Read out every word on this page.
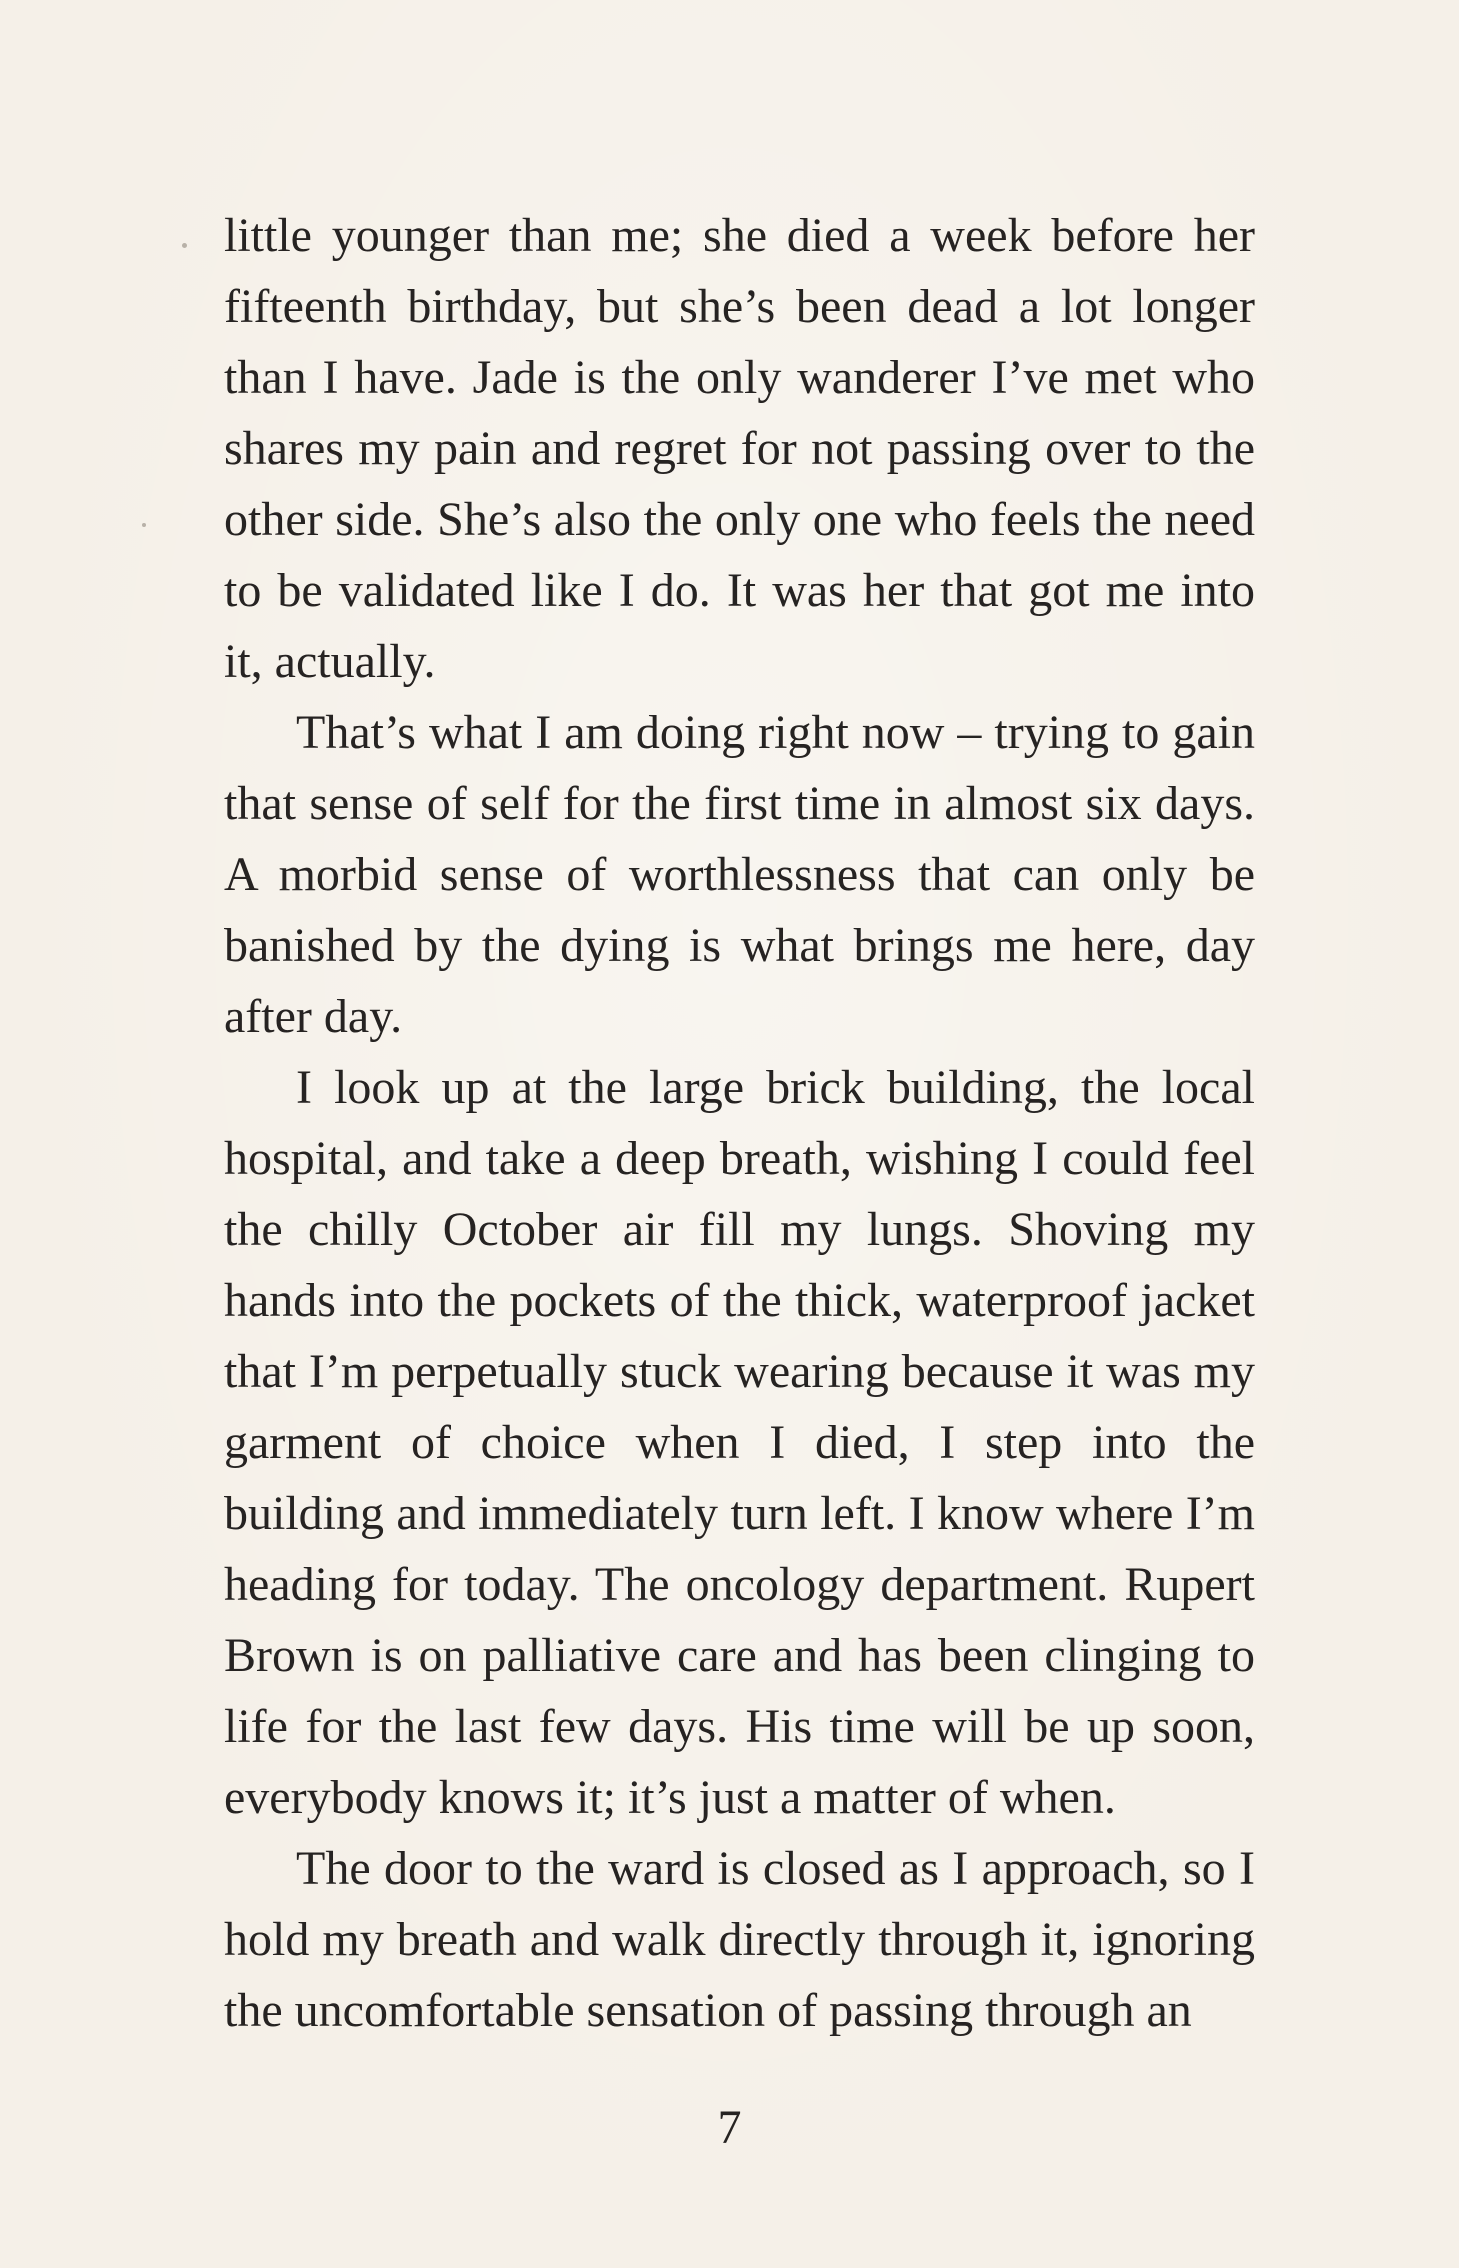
little younger than me; she died a week before her fifteenth birthday, but she’s been dead a lot longer than I have. Jade is the only wanderer I’ve met who shares my pain and regret for not passing over to the other side. She’s also the only one who feels the need to be validated like I do. It was her that got me into it, actually.

That’s what I am doing right now – trying to gain that sense of self for the first time in almost six days. A morbid sense of worthlessness that can only be banished by the dying is what brings me here, day after day.

I look up at the large brick building, the local hospital, and take a deep breath, wishing I could feel the chilly October air fill my lungs. Shoving my hands into the pockets of the thick, waterproof jacket that I’m perpetually stuck wearing because it was my garment of choice when I died, I step into the building and immediately turn left. I know where I’m heading for today. The oncology department. Rupert Brown is on palliative care and has been clinging to life for the last few days. His time will be up soon, everybody knows it; it’s just a matter of when.

The door to the ward is closed as I approach, so I hold my breath and walk directly through it, ignoring the uncomfortable sensation of passing through an

7
